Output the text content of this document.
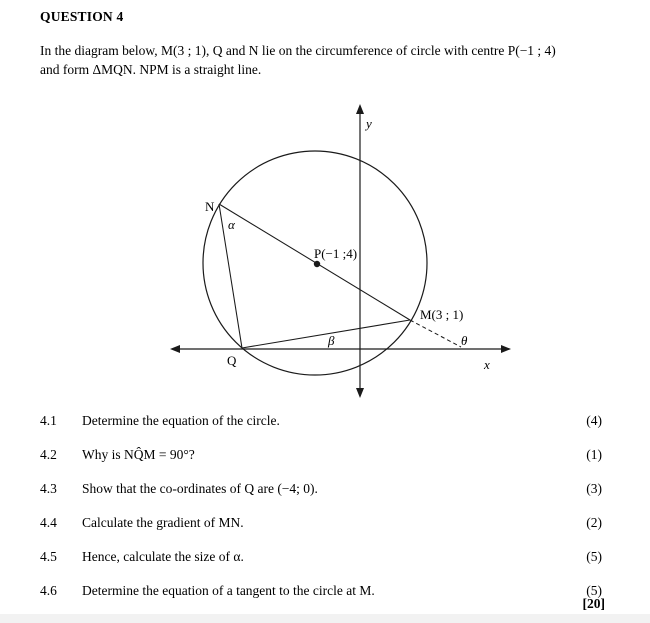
QUESTION 4
In the diagram below, M(3 ; 1), Q and N lie on the circumference of circle with centre P(−1 ; 4)
and form ΔMQN. NPM is a straight line.
y
x
N
α
P(−1 ;4)
M(3 ; 1)
Q
β	θ
4.1 Determine the equation of the circle.	(4)
4.2 Why is NQ̂M = 90°?	(1)
4.3 Show that the co-ordinates of Q are (−4; 0).	(3)
4.4 Calculate the gradient of MN.	(2)
4.5 Hence, calculate the size of α.	(5)
4.6 Determine the equation of a tangent to the circle at M.	(5)
[20]
